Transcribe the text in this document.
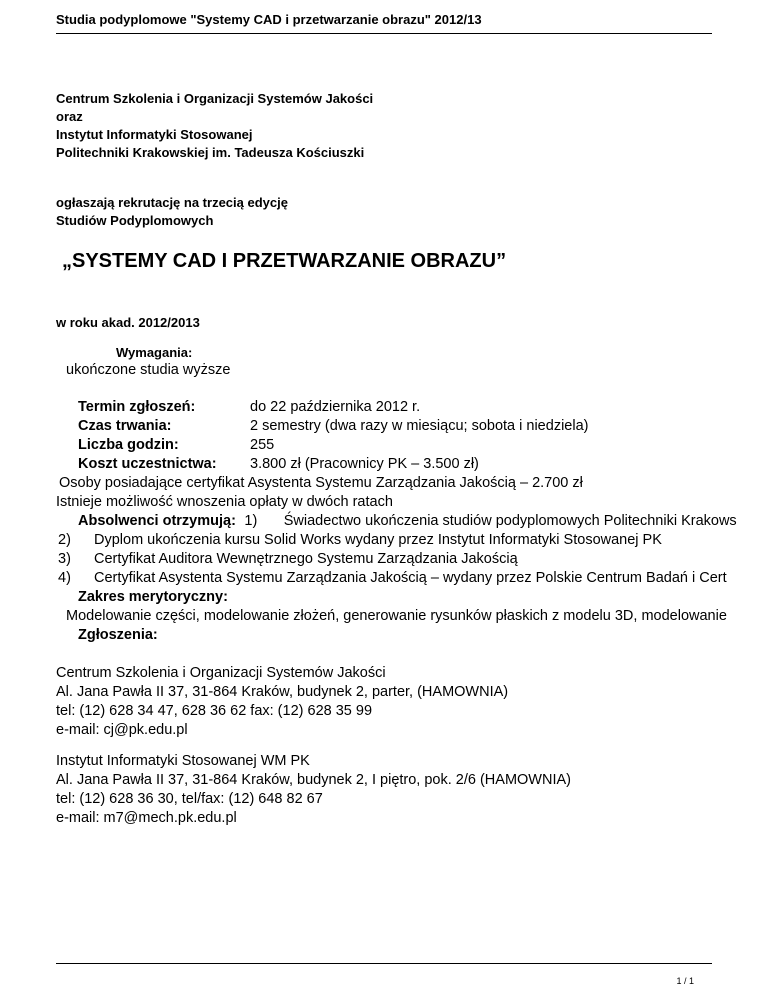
Studia podyplomowe "Systemy CAD i przetwarzanie obrazu" 2012/13
Centrum Szkolenia i Organizacji Systemów Jakości
oraz
Instytut Informatyki Stosowanej
Politechniki Krakowskiej im. Tadeusza Kościuszki
ogłaszają rekrutację na trzecią edycję
Studiów Podyplomowych
„SYSTEMY CAD I PRZETWARZANIE OBRAZU”
w roku akad. 2012/2013
Wymagania:
ukończone studia wyższe
Termin zgłoszeń:	do 22 października 2012 r.
Czas trwania:	2 semestry (dwa razy w miesiącu; sobota i niedziela)
Liczba godzin:	255
Koszt uczestnictwa: 3.800 zł (Pracownicy PK – 3.500 zł)
Osoby posiadające certyfikat Asystenta Systemu Zarządzania Jakością – 2.700 zł
Istnieje możliwość wnoszenia opłaty w dwóch ratach
Absolwenci otrzymują: 1) Świadectwo ukończenia studiów podyplomowych Politechniki Krakows
2) Dyplom ukończenia kursu Solid Works wydany przez Instytut Informatyki Stosowanej PK
3) Certyfikat Auditora Wewnętrznego Systemu Zarządzania Jakością
4) Certyfikat Asystenta Systemu Zarządzania Jakością – wydany przez Polskie Centrum Badań i Cert
Zakres merytoryczny:
Modelowanie części, modelowanie złożeń, generowanie rysunków płaskich z modelu 3D, modelowanie
Zgłoszenia:
Centrum Szkolenia i Organizacji Systemów Jakości
Al. Jana Pawła II 37, 31-864 Kraków, budynek 2, parter, (HAMOWNIA)
tel: (12) 628 34 47, 628 36 62 fax: (12) 628 35 99
e-mail: cj@pk.edu.pl
Instytut Informatyki Stosowanej WM PK
Al. Jana Pawła II 37, 31-864 Kraków, budynek 2, I piętro, pok. 2/6 (HAMOWNIA)
tel: (12) 628 36 30, tel/fax: (12) 648 82 67
e-mail: m7@mech.pk.edu.pl
1 / 1
